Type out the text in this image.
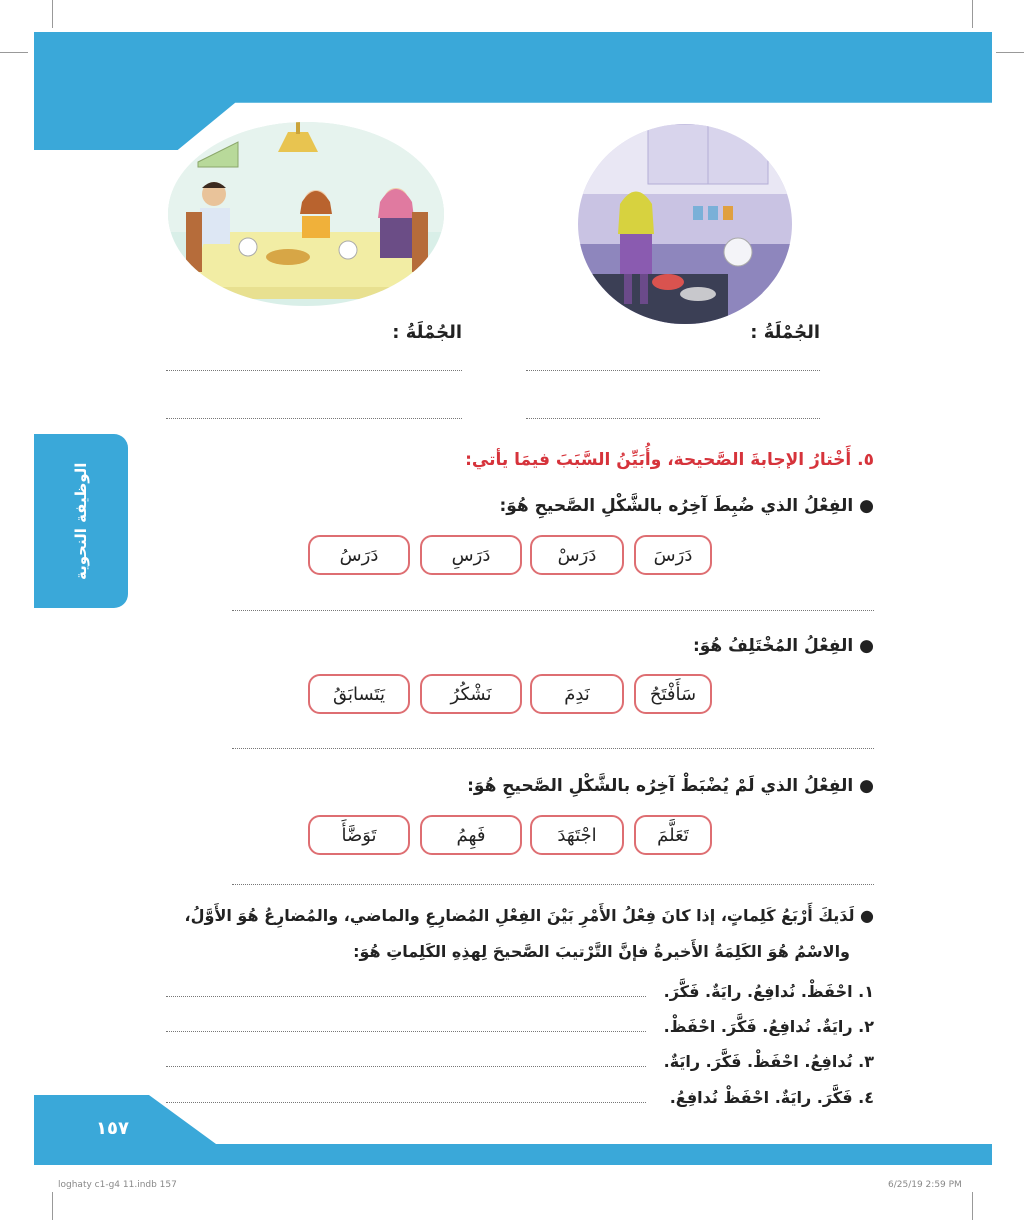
الوظيفة النحوية
الجُمْلَةُ :
الجُمْلَةُ :
٥. أَخْتارُ الإجابةَ الصَّحيحة، وأُبَيِّنُ السَّبَبَ فيمَا يأتي:
● الفِعْلُ الذي ضُبِطَ آخِرُه بالشَّكْلِ الصَّحيحِ هُوَ:
دَرَسَ
دَرَسْ
دَرَسِ
دَرَسُ
● الفِعْلُ المُخْتَلِفُ هُوَ:
سَأَفْتَحُ
نَدِمَ
نَشْكُرُ
يَتَسابَقُ
● الفِعْلُ الذي لَمْ يُضْبَطْ آخِرُه بالشَّكْلِ الصَّحيحِ هُوَ:
تَعَلَّمَ
اجْتَهَدَ
فَهِمُ
تَوَضَّأَ
● لَدَيكَ أَرْبَعُ كَلِماتٍ، إذا كانَ فِعْلُ الأَمْرِ بَيْنَ الفِعْلِ المُضارِعِ والماضي، والمُضارِعُ هُوَ الأَوَّلُ،
والاسْمُ هُوَ الكَلِمَةُ الأَخيرةُ فإنَّ التَّرْتيبَ الصَّحيحَ لِهذِهِ الكَلِماتِ هُوَ:
١. احْفَظْ. نُدافِعُ. رايَةٌ. فَكَّرَ.
٢. رايَةٌ. نُدافِعُ. فَكَّرَ. احْفَظْ.
٣. نُدافِعُ. احْفَظْ. فَكَّرَ. رايَةٌ.
٤. فَكَّرَ. رايَةٌ. احْفَظْ نُدافِعُ.
١٥٧
loghaty c1-g4 11.indb 157	6/25/19 2:59 PM
